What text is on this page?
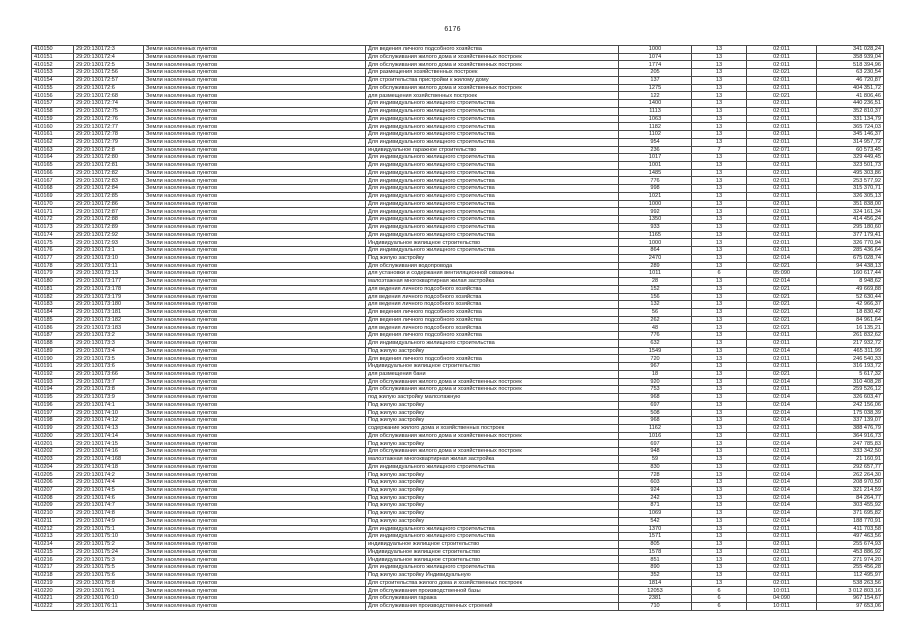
6176
410150	29:20:130172:3	Земли населенных пунктов	Для ведения личного подсобного хозяйства	1000	13	02:011	341 028,24
410151	29:20:130172:4	Земли населенных пунктов	Для обслуживания жилого дома и хозяйственных построек	1074	13	02:011	358 939,04
410152	29:20:130172:5	Земли населенных пунктов	Для обслуживания жилого дома и хозяйственных построек	1774	13	02:011	518 394,96
410153	29:20:130172:56	Земли населенных пунктов	Для размещения хозяйственных построек	205	13	02:021	63 230,54
410154	29:20:130172:57	Земли населенных пунктов	Для строительства пристройки к жилому дому	137	13	02:011	46 720,87
410155	29:20:130172:6	Земли населенных пунктов	Для обслуживания жилого дома и хозяйственных построек	1275	13	02:011	404 351,72
410156	29:20:130172:68	Земли населенных пунктов	для размещения хозяйственных построек	122	13	02:021	41 806,46
410157	29:20:130172:74	Земли населенных пунктов	Для индивидуального жилищного строительства	1400	13	02:011	440 236,51
410158	29:20:130172:75	Земли населенных пунктов	Для индивидуального жилищного строительства	1113	13	02:011	352 810,37
410159	29:20:130172:76	Земли населенных пунктов	Для индивидуального жилищного строительства	1063	13	02:011	331 134,79
410160	29:20:130172:77	Земли населенных пунктов	Для индивидуального жилищного строительства	1182	13	02:011	365 724,03
410161	29:20:130172:78	Земли населенных пунктов	Для индивидуального жилищного строительства	1102	13	02:011	345 146,37
410162	29:20:130172:79	Земли населенных пунктов	Для индивидуального жилищного строительства	954	13	02:011	314 957,72
410163	29:20:130172:8	Земли населенных пунктов	индивидуальное гаражное строительство	236	7	02:071	60 573,45
410164	29:20:130172:80	Земли населенных пунктов	Для индивидуального жилищного строительства	1017	13	02:011	329 449,45
410165	29:20:130172:81	Земли населенных пунктов	Для индивидуального жилищного строительства	1001	13	02:011	323 501,73
410166	29:20:130172:82	Земли населенных пунктов	Для индивидуального жилищного строительства	1485	13	02:011	495 303,86
410167	29:20:130172:83	Земли населенных пунктов	Для индивидуального жилищного строительства	776	13	02:011	253 577,92
410168	29:20:130172:84	Земли населенных пунктов	Для индивидуального жилищного строительства	998	13	02:011	315 370,71
410169	29:20:130172:85	Земли населенных пунктов	Для индивидуального жилищного строительства	1021	13	02:011	326 305,13
410170	29:20:130172:86	Земли населенных пунктов	Для индивидуального жилищного строительства	1000	13	02:011	351 838,00
410171	29:20:130172:87	Земли населенных пунктов	Для индивидуального жилищного строительства	992	13	02:011	324 161,34
410172	29:20:130172:88	Земли населенных пунктов	Для индивидуального жилищного строительства	1350	13	02:011	414 456,24
410173	29:20:130172:89	Земли населенных пунктов	Для индивидуального жилищного строительства	933	13	02:011	295 180,60
410174	29:20:130172:92	Земли населенных пунктов	Для индивидуального жилищного строительства	1165	13	02:011	377 179,41
410175	29:20:130172:93	Земли населенных пунктов	Индивидуальное жилищное строительство	1000	13	02:011	326 770,94
410176	29:20:130173:1	Земли населенных пунктов	Для индивидуального жилищного строительства	864	13	02:011	285 436,64
410177	29:20:130173:10	Земли населенных пунктов	Под жилую застройку	2470	13	02:014	675 028,74
410178	29:20:130173:11	Земли населенных пунктов	Для обслуживания водопровода	289	13	02:021	94 438,13
410179	29:20:130173:13	Земли населенных пунктов	для установки и содержания вентиляционной скважины	1011	6	05:090	160 617,44
410180	29:20:130173:177	Земли населенных пунктов	малоэтажная многоквартирная жилая застройка	28	13	02:014	8 948,62
410181	29:20:130173:178	Земли населенных пунктов	для ведения личного подсобного хозяйства	152	13	02:021	49 669,88
410182	29:20:130173:179	Земли населенных пунктов	для ведения личного подсобного хозяйства	156	13	02:021	52 630,44
410183	29:20:130173:180	Земли населенных пунктов	для ведения личного подсобного хозяйства	132	13	02:021	42 966,37
410184	29:20:130173:181	Земли населенных пунктов	Для ведения личного подсобного хозяйства	56	13	02:021	18 830,42
410185	29:20:130173:182	Земли населенных пунктов	Для ведения личного подсобного хозяйства	262	13	02:021	84 961,64
410186	29:20:130173:183	Земли населенных пунктов	для ведения личного подсобного хозяйства	48	13	02:021	16 135,21
410187	29:20:130173:2	Земли населенных пунктов	Для ведения личного подсобного хозяйства	776	13	02:011	261 832,62
410188	29:20:130173:3	Земли населенных пунктов	Для индивидуального жилищного строительства	632	13	02:011	217 932,72
410189	29:20:130173:4	Земли населенных пунктов	Под жилую застройку	1549	13	02:014	465 311,99
410190	29:20:130173:5	Земли населенных пунктов	Для ведения личного подсобного хозяйства	720	13	02:011	246 540,33
410191	29:20:130173:6	Земли населенных пунктов	Индивидуальное жилищное строительство	967	13	02:011	316 193,72
410192	29:20:130173:66	Земли населенных пунктов	для размещения бани	18	13	02:021	5 617,32
410193	29:20:130173:7	Земли населенных пунктов	Для обслуживания жилого дома и хозяйственных построек	920	13	02:014	310 408,28
410194	29:20:130173:8	Земли населенных пунктов	Для обслуживания жилого дома и хозяйственных построек	753	13	02:011	259 526,12
410195	29:20:130173:9	Земли населенных пунктов	под жилую застройку малоэтажную	968	13	02:014	326 603,47
410196	29:20:130174:1	Земли населенных пунктов	Под жилую застройку	697	13	02:014	242 156,06
410197	29:20:130174:10	Земли населенных пунктов	Под жилую застройку	508	13	02:014	175 038,39
410198	29:20:130174:12	Земли населенных пунктов	Под жилую застройку	968	13	02:014	337 139,07
410199	29:20:130174:13	Земли населенных пунктов	содержание жилого дома и хозяйственных построек	1162	13	02:011	388 476,79
410200	29:20:130174:14	Земли населенных пунктов	Для обслуживания жилого дома и хозяйственных построек	1016	13	02:011	364 916,73
410201	29:20:130174:15	Земли населенных пунктов	Под жилую застройку	697	13	02:014	247 785,83
410202	29:20:130174:16	Земли населенных пунктов	Для обслуживания жилого дома и хозяйственных построек	948	13	02:011	333 342,50
410203	29:20:130174:168	Земли населенных пунктов	малоэтажная многоквартирная жилая застройка	59	13	02:014	21 160,91
410204	29:20:130174:18	Земли населенных пунктов	Для индивидуального жилищного строительства	830	13	02:011	292 657,77
410205	29:20:130174:2	Земли населенных пунктов	Под жилую застройку	728	13	02:014	262 264,30
410206	29:20:130174:4	Земли населенных пунктов	Под жилую застройку	603	13	02:014	208 970,50
410207	29:20:130174:5	Земли населенных пунктов	Под жилую застройку	924	13	02:014	321 214,59
410208	29:20:130174:6	Земли населенных пунктов	Под жилую застройку	242	13	02:014	84 264,77
410209	29:20:130174:7	Земли населенных пунктов	Под жилую застройку	871	13	02:014	303 455,92
410210	29:20:130174:8	Земли населенных пунктов	Под жилую застройку	1069	13	02:014	371 695,82
410211	29:20:130174:9	Земли населенных пунктов	Под жилую застройку	542	13	02:014	188 770,91
410212	29:20:130175:1	Земли населенных пунктов	Для индивидуального жилищного строительства	1370	13	02:011	411 703,58
410213	29:20:130175:10	Земли населенных пунктов	Для индивидуального жилищного строительства	1571	13	02:011	497 463,56
410214	29:20:130175:2	Земли населенных пунктов	индивидуальное жилищное строительство	805	13	02:011	255 674,93
410215	29:20:130175:24	Земли населенных пунктов	Индивидуальное жилищное строительство	1578	13	02:011	453 886,92
410216	29:20:130175:3	Земли населенных пунктов	Индивидуальное жилищное строительство	851	13	02:011	271 974,20
410217	29:20:130175:5	Земли населенных пунктов	Для индивидуального жилищного строительства	890	13	02:011	255 456,28
410218	29:20:130175:6	Земли населенных пунктов	Под жилую застройку Индивидуальную	352	13	02:011	112 495,97
410219	29:20:130175:8	Земли населенных пунктов	Для строительства жилого дома и хозяйственных построек	1814	13	02:011	538 263,56
410220	29:20:130176:1	Земли населенных пунктов	Для обслуживания производственной базы	12053	6	10:011	3 012 803,16
410221	29:20:130176:10	Земли населенных пунктов	Для обслуживания гаража	2381	6	04:090	967 154,67
410222	29:20:130176:11	Земли населенных пунктов	Для обслуживания производственных строений	710	6	10:011	97 653,06
